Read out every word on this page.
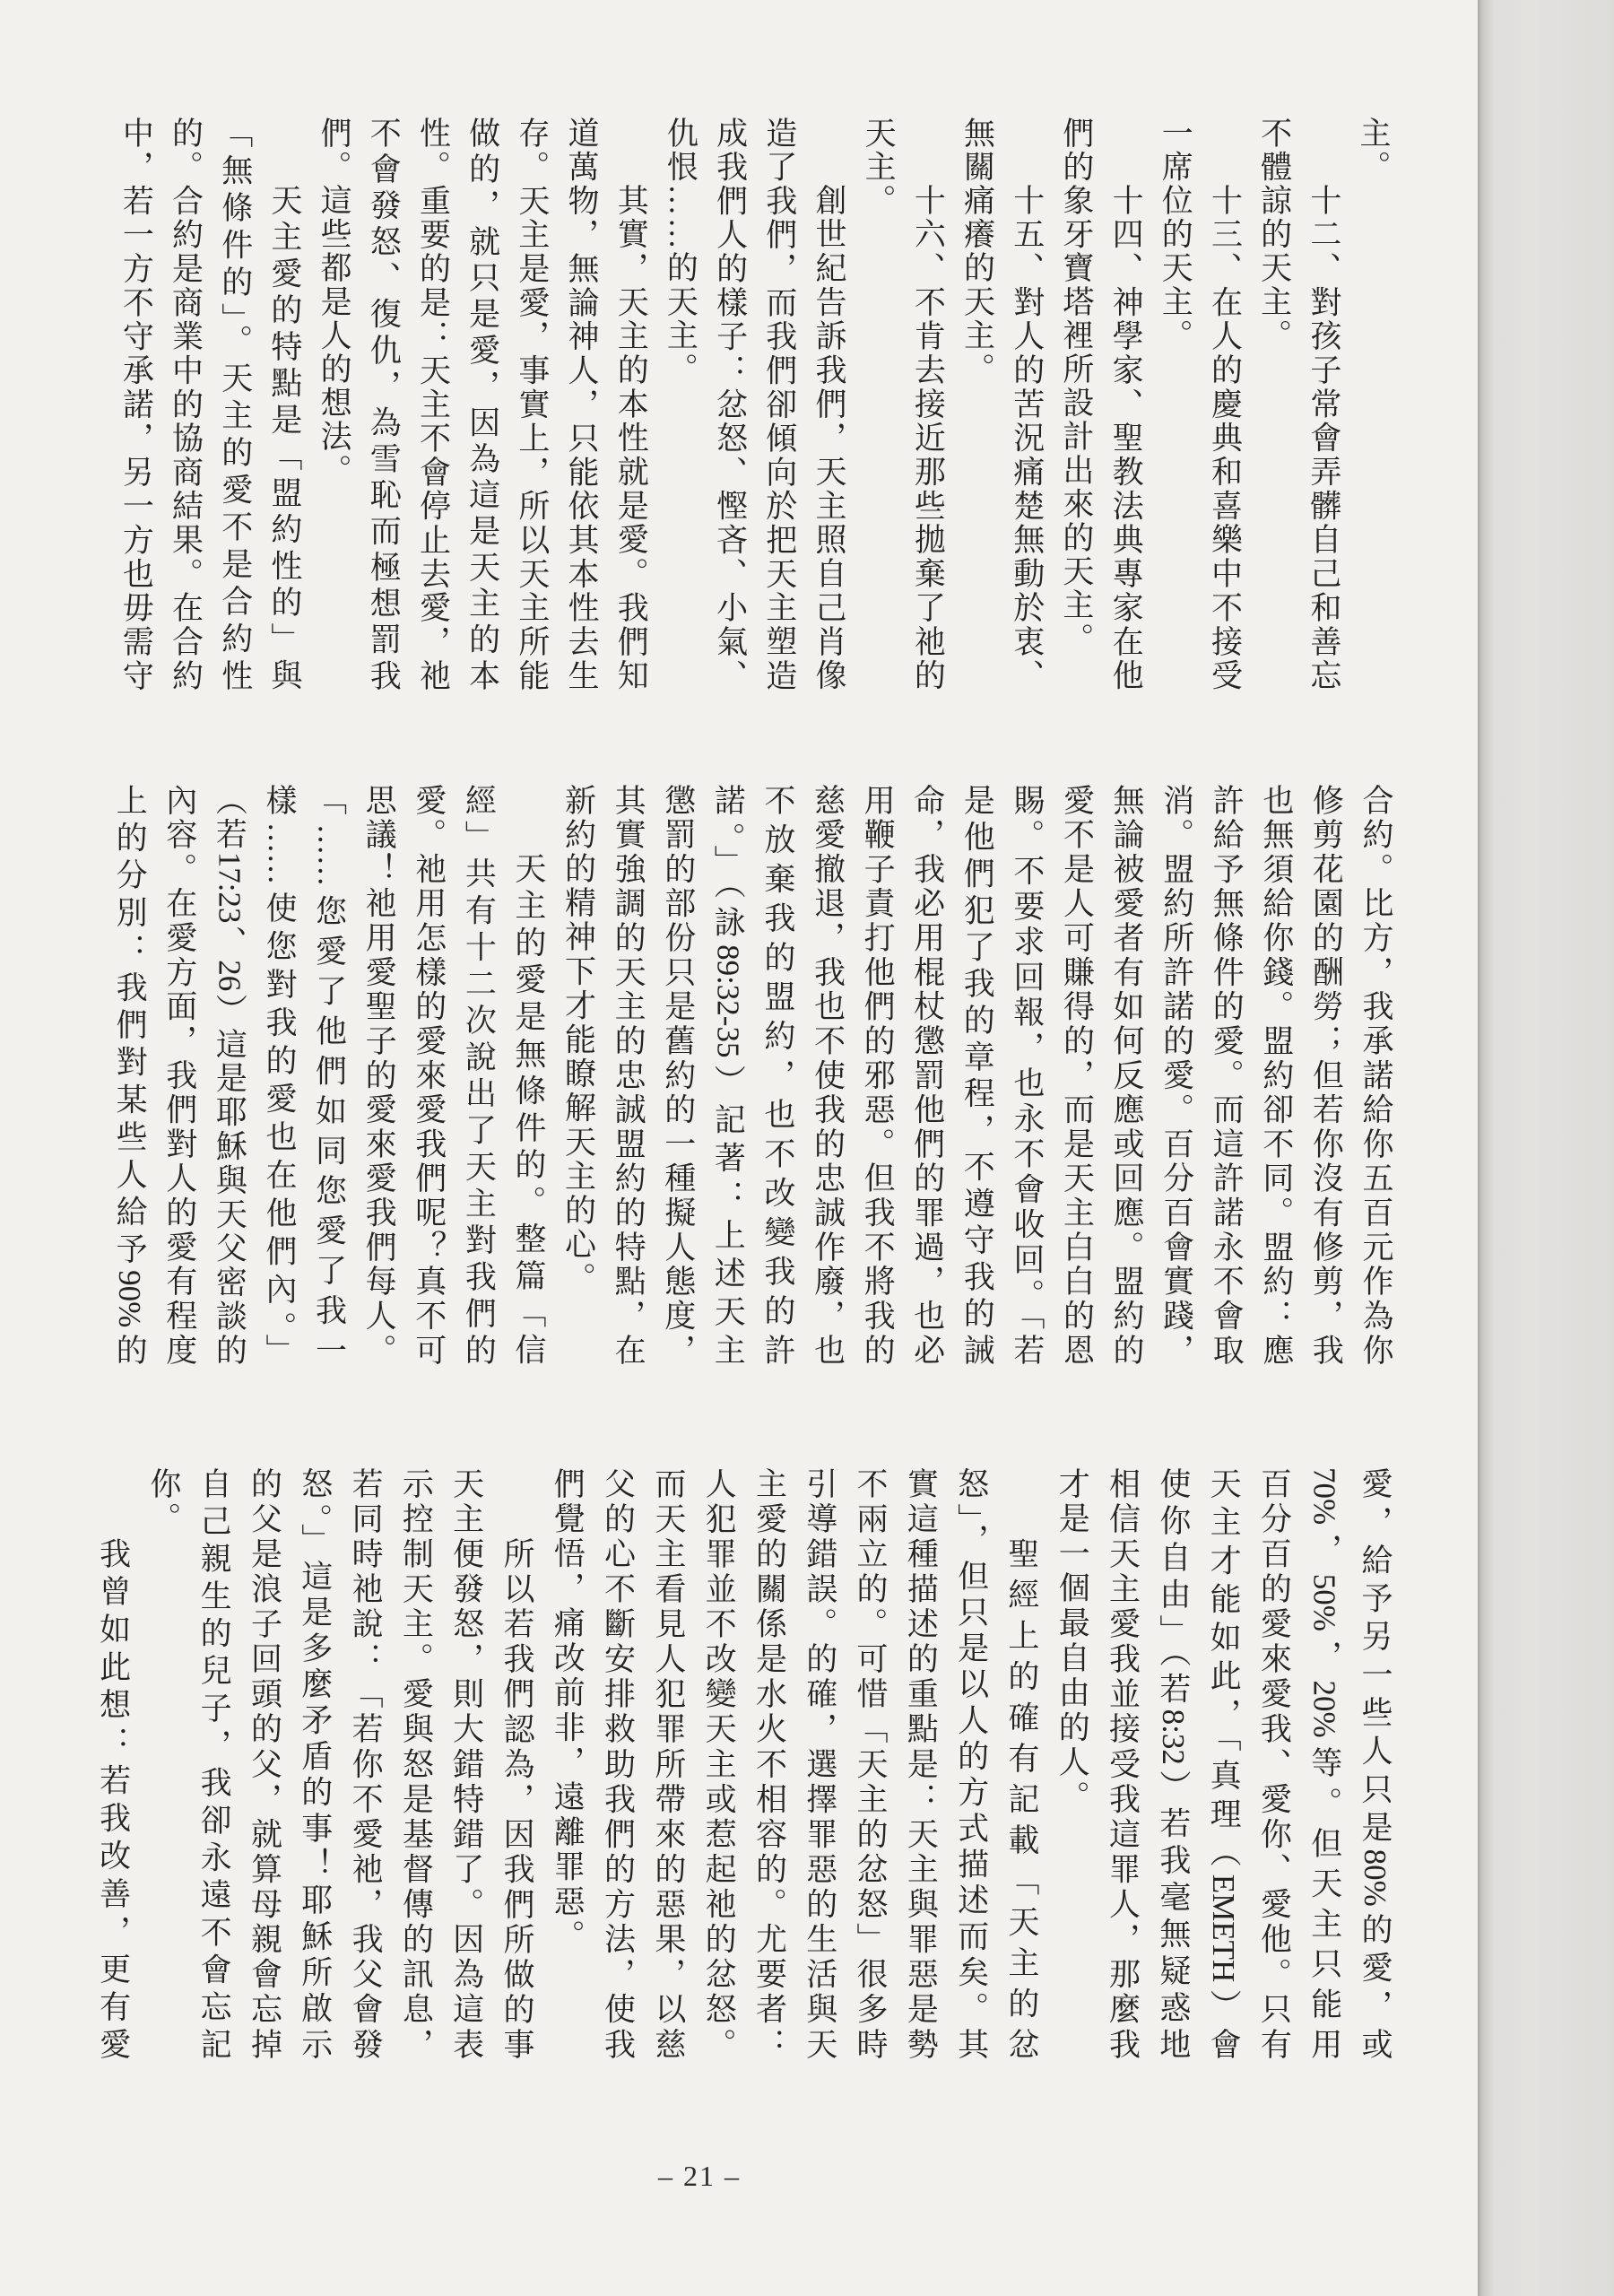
主。
十二、對孩子常會弄髒自己和善忘
不體諒的天主。
十三、在人的慶典和喜樂中不接受
一席位的天主。
十四、神學家、聖教法典專家在他
們的象牙寶塔裡所設計出來的天主。
十五、對人的苦況痛楚無動於衷、
無關痛癢的天主。
十六、不肯去接近那些拋棄了祂的
天主。
創世紀告訴我們，天主照自己肖像
造了我們，而我們卻傾向於把天主塑造
成我們人的樣子：忿怒、慳吝、小氣、
仇恨……的天主。
其實，天主的本性就是愛。我們知
道萬物，無論神人，只能依其本性去生
存。天主是愛，事實上，所以天主所能
做的，就只是愛，因為這是天主的本
性。重要的是：天主不會停止去愛，祂
不會發怒、復仇，為雪恥而極想罰我
們。這些都是人的想法。
天主愛的特點是「盟約性的」與
「無條件的」。天主的愛不是合約性
的。合約是商業中的協商結果。在合約
中，若一方不守承諾，另一方也毋需守
合約。比方，我承諾給你五百元作為你
修剪花園的酬勞；但若你沒有修剪，我
也無須給你錢。盟約卻不同。盟約：應
許給予無條件的愛。而這許諾永不會取
消。盟約所許諾的愛。百分百會實踐，
無論被愛者有如何反應或回應。盟約的
愛不是人可賺得的，而是天主白白的恩
賜。不要求回報，也永不會收回。「若
是他們犯了我的章程，不遵守我的誡
命，我必用棍杖懲罰他們的罪過，也必
用鞭子責打他們的邪惡。但我不將我的
慈愛撤退，我也不使我的忠誠作廢，也
不放棄我的盟約，也不改變我的許
諾。」（詠89:32-35）記著：上述天主
懲罰的部份只是舊約的一種擬人態度，
其實強調的天主的忠誠盟約的特點，在
新約的精神下才能瞭解天主的心。
天主的愛是無條件的。整篇「信
經」共有十二次說出了天主對我們的
愛。祂用怎樣的愛來愛我們呢？真不可
思議！祂用愛聖子的愛來愛我們每人。
「……您愛了他們如同您愛了我一
樣……使您對我的愛也在他們內。」
（若17:23、26）這是耶穌與天父密談的
內容。在愛方面，我們對人的愛有程度
上的分別：我們對某些人給予90%的
愛，給予另一些人只是80%的愛，或
70%，50%，20%等。但天主只能用
百分百的愛來愛我、愛你、愛他。只有
天主才能如此，「真理（EMETH）會
使你自由」（若8:32）若我毫無疑惑地
相信天主愛我並接受我這罪人，那麼我
才是一個最自由的人。
聖經上的確有記載「天主的忿
怒」，但只是以人的方式描述而矣。其
實這種描述的重點是：天主與罪惡是勢
不兩立的。可惜「天主的忿怒」很多時
引導錯誤。的確，選擇罪惡的生活與天
主愛的關係是水火不相容的。尤要者：
人犯罪並不改變天主或惹起祂的忿怒。
而天主看見人犯罪所帶來的惡果，以慈
父的心不斷安排救助我們的方法，使我
們覺悟，痛改前非，遠離罪惡。
所以若我們認為，因我們所做的事
天主便發怒，則大錯特錯了。因為這表
示控制天主。愛與怒是基督傳的訊息，
若同時祂說：「若你不愛祂，我父會發
怒。」這是多麼矛盾的事！耶穌所啟示
的父是浪子回頭的父，就算母親會忘掉
自己親生的兒子，我卻永遠不會忘記
你。
我曾如此想：若我改善，更有愛
– 21 –
